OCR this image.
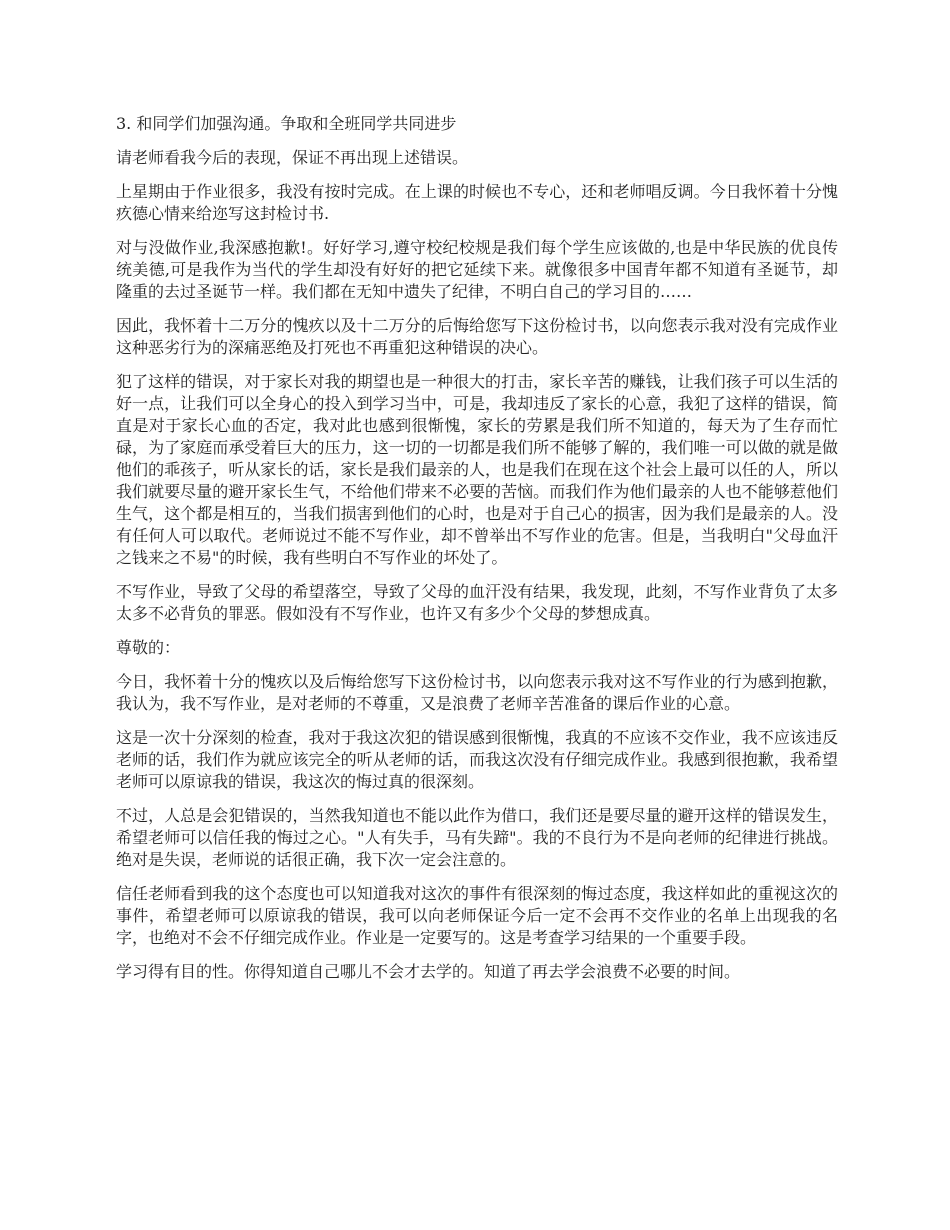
3. 和同学们加强沟通。争取和全班同学共同进步

请老师看我今后的表现，保证不再出现上述错误。

上星期由于作业很多，我没有按时完成。在上课的时候也不专心，还和老师唱反调。今日我怀着十分愧疚德心情来给迩写这封检讨书.

对与没做作业,我深感抱歉!。好好学习,遵守校纪校规是我们每个学生应该做的,也是中华民族的优良传统美德,可是我作为当代的学生却没有好好的把它延续下来。就像很多中国青年都不知道有圣诞节，却隆重的去过圣诞节一样。我们都在无知中遗失了纪律，不明白自己的学习目的……

因此，我怀着十二万分的愧疚以及十二万分的后悔给您写下这份检讨书，以向您表示我对没有完成作业这种恶劣行为的深痛恶绝及打死也不再重犯这种错误的决心。

犯了这样的错误，对于家长对我的期望也是一种很大的打击，家长辛苦的赚钱，让我们孩子可以生活的好一点，让我们可以全身心的投入到学习当中，可是，我却违反了家长的心意，我犯了这样的错误，简直是对于家长心血的否定，我对此也感到很惭愧，家长的劳累是我们所不知道的，每天为了生存而忙碌，为了家庭而承受着巨大的压力，这一切的一切都是我们所不能够了解的，我们唯一可以做的就是做他们的乖孩子，听从家长的话，家长是我们最亲的人，也是我们在现在这个社会上最可以任的人，所以我们就要尽量的避开家长生气，不给他们带来不必要的苦恼。而我们作为他们最亲的人也不能够惹他们生气，这个都是相互的，当我们损害到他们的心时，也是对于自己心的损害，因为我们是最亲的人。没有任何人可以取代。老师说过不能不写作业，却不曾举出不写作业的危害。但是，当我明白"父母血汗之钱来之不易"的时候，我有些明白不写作业的坏处了。

不写作业，导致了父母的希望落空，导致了父母的血汗没有结果，我发现，此刻，不写作业背负了太多太多不必背负的罪恶。假如没有不写作业，也许又有多少个父母的梦想成真。

尊敬的：

今日，我怀着十分的愧疚以及后悔给您写下这份检讨书，以向您表示我对这不写作业的行为感到抱歉，我认为，我不写作业，是对老师的不尊重，又是浪费了老师辛苦准备的课后作业的心意。

这是一次十分深刻的检查，我对于我这次犯的错误感到很惭愧，我真的不应该不交作业，我不应该违反老师的话，我们作为就应该完全的听从老师的话，而我这次没有仔细完成作业。我感到很抱歉，我希望老师可以原谅我的错误，我这次的悔过真的很深刻。

不过，人总是会犯错误的，当然我知道也不能以此作为借口，我们还是要尽量的避开这样的错误发生，希望老师可以信任我的悔过之心。"人有失手，马有失蹄"。我的不良行为不是向老师的纪律进行挑战。绝对是失误，老师说的话很正确，我下次一定会注意的。

信任老师看到我的这个态度也可以知道我对这次的事件有很深刻的悔过态度，我这样如此的重视这次的事件，希望老师可以原谅我的错误，我可以向老师保证今后一定不会再不交作业的名单上出现我的名字，也绝对不会不仔细完成作业。作业是一定要写的。这是考查学习结果的一个重要手段。

学习得有目的性。你得知道自己哪儿不会才去学的。知道了再去学会浪费不必要的时间。
